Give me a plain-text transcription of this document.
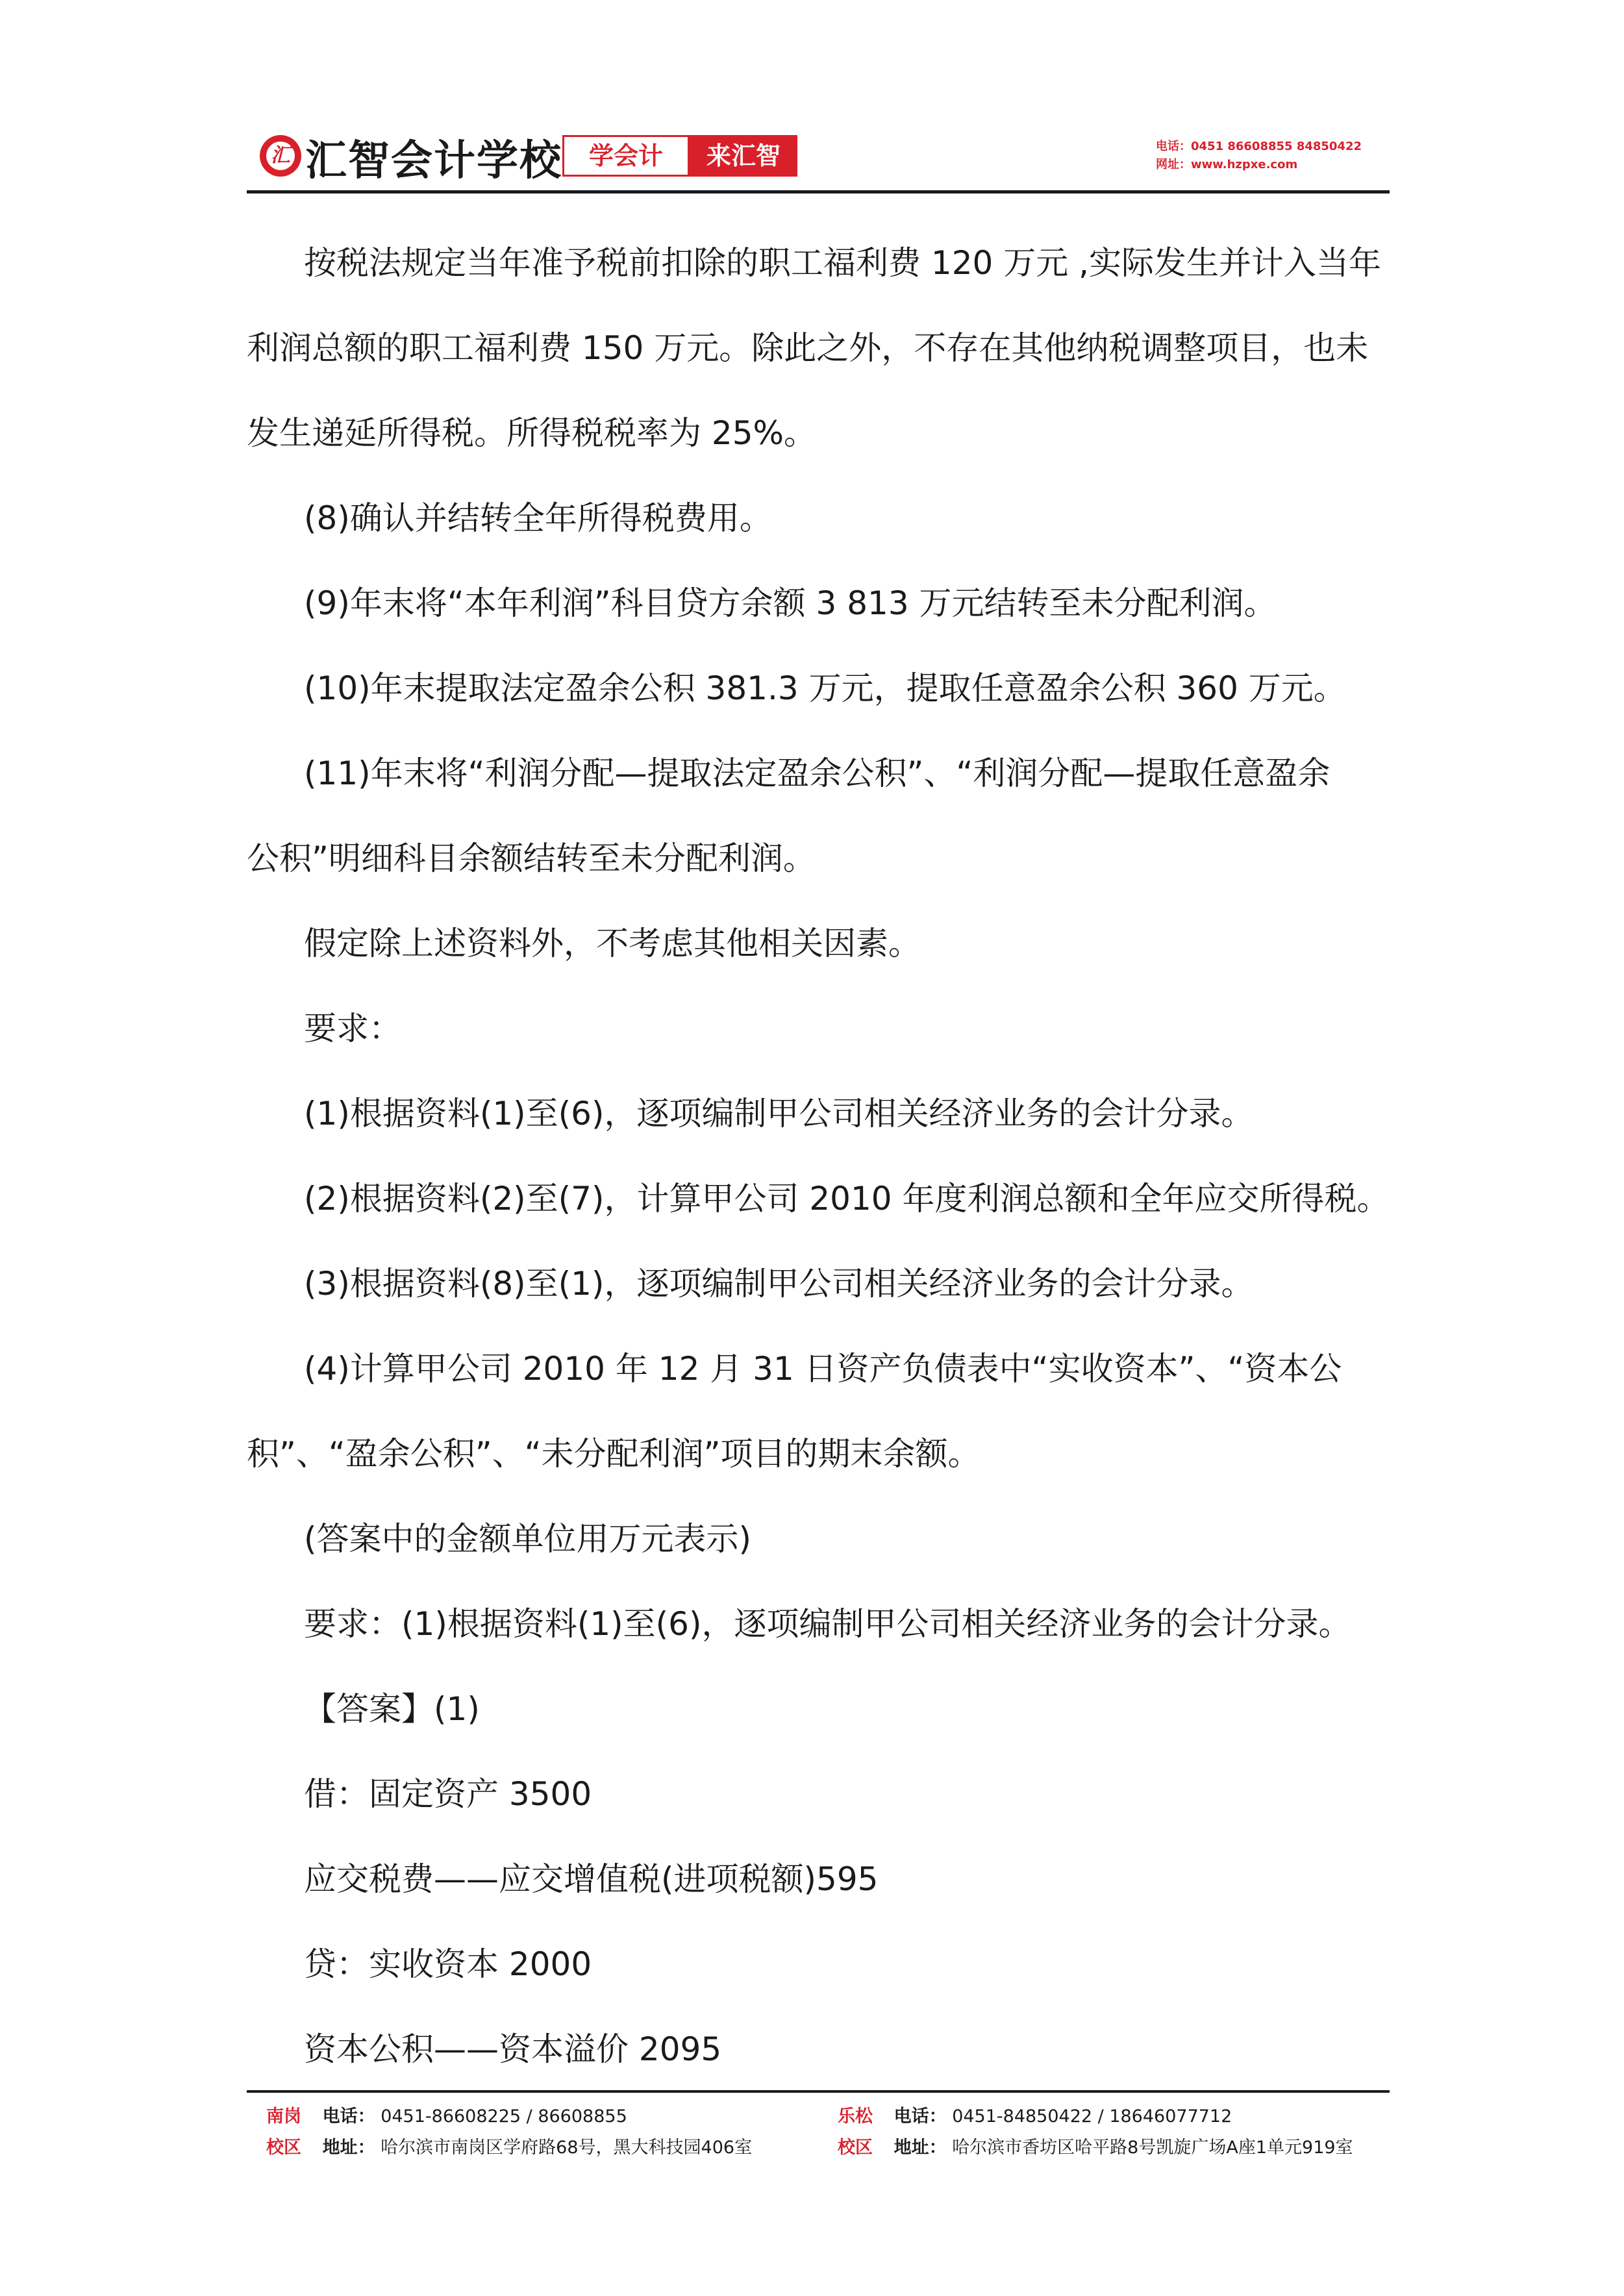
汇 汇智会计学校	学会计	来汇智	电话：0451 86608855 84850422
网址：www.hzpxe.com

按税法规定当年准予税前扣除的职工福利费 120 万元 ,实际发生并计入当年

利润总额的职工福利费 150 万元。除此之外，不存在其他纳税调整项目，也未

发生递延所得税。所得税税率为 25%。

(8)确认并结转全年所得税费用。

(9)年末将“本年利润”科目贷方余额 3 813 万元结转至未分配利润。

(10)年末提取法定盈余公积 381.3 万元，提取任意盈余公积 360 万元。

(11)年末将“利润分配—提取法定盈余公积”、“利润分配—提取任意盈余

公积”明细科目余额结转至未分配利润。

假定除上述资料外，不考虑其他相关因素。

要求：

(1)根据资料(1)至(6)，逐项编制甲公司相关经济业务的会计分录。

(2)根据资料(2)至(7)，计算甲公司 2010 年度利润总额和全年应交所得税。

(3)根据资料(8)至(1)，逐项编制甲公司相关经济业务的会计分录。

(4)计算甲公司 2010 年 12 月 31 日资产负债表中“实收资本”、“资本公

积”、“盈余公积”、“未分配利润”项目的期末余额。

(答案中的金额单位用万元表示)

要求：(1)根据资料(1)至(6)，逐项编制甲公司相关经济业务的会计分录。

【答案】(1)

借：固定资产 3500

应交税费——应交增值税(进项税额)595

贷：实收资本 2000

资本公积——资本溢价 2095

南岗 电话： 0451-86608225 / 86608855
校区 地址： 哈尔滨市南岗区学府路68号，黑大科技园406室
乐松 电话： 0451-84850422 / 18646077712
校区 地址： 哈尔滨市香坊区哈平路8号凯旋广场A座1单元919室
